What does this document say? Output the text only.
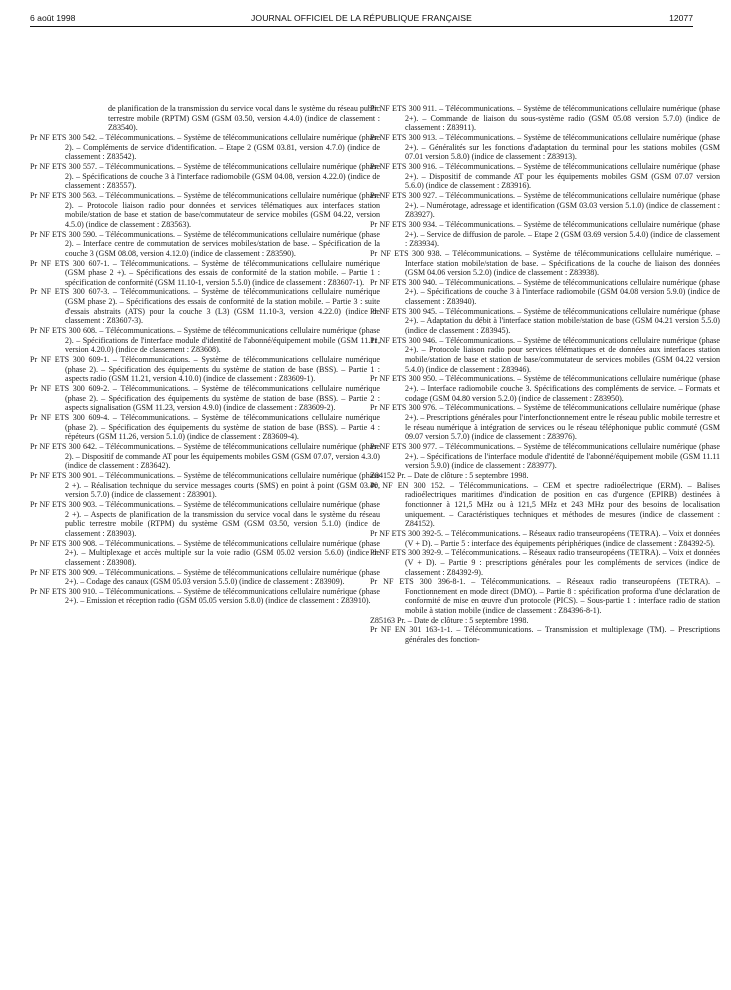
6 août 1998	JOURNAL OFFICIEL DE LA RÉPUBLIQUE FRANÇAISE	12077

de planification de la transmission du service vocal dans le système du réseau public terrestre mobile (RPTM) GSM (GSM 03.50, version 4.4.0) (indice de classement : Z83540).

Pr NF ETS 300 542. – Télécommunications. – Système de télécommunications cellulaire numérique (phase 2). – Compléments de service d'identification. – Etape 2 (GSM 03.81, version 4.7.0) (indice de classement : Z83542).

Pr NF ETS 300 557. – Télécommunications. – Système de télécommunications cellulaire numérique (phase 2). – Spécifications de couche 3 à l'interface radiomobile (GSM 04.08, version 4.22.0) (indice de classement : Z83557).

Pr NF ETS 300 563. – Télécommunications. – Système de télécommunications cellulaire numérique (phase 2). – Protocole liaison radio pour données et services télématiques aux interfaces station mobile/station de base et station de base/commutateur de service mobiles (GSM 04.22, version 4.5.0) (indice de classement : Z83563).

Pr NF ETS 300 590. – Télécommunications. – Système de télécommunications cellulaire numérique (phase 2). – Interface centre de commutation de services mobiles/station de base. – Spécification de la couche 3 (GSM 08.08, version 4.12.0) (indice de classement : Z83590).

Pr NF ETS 300 607-1. – Télécommunications. – Système de télécommunications cellulaire numérique (GSM phase 2 +). – Spécifications des essais de conformité de la station mobile. – Partie 1 : spécification de conformité (GSM 11.10-1, version 5.5.0) (indice de classement : Z83607-1).

Pr NF ETS 300 607-3. – Télécommunications. – Système de télécommunications cellulaire numérique (GSM phase 2). – Spécifications des essais de conformité de la station mobile. – Partie 3 : suite d'essais abstraits (ATS) pour la couche 3 (L3) (GSM 11.10-3, version 4.22.0) (indice de classement : Z83607-3).

Pr NF ETS 300 608. – Télécommunications. – Système de télécommunications cellulaire numérique (phase 2). – Spécifications de l'interface module d'identité de l'abonné/équipement mobile (GSM 11.11, version 4.20.0) (indice de classement : Z83608).

Pr NF ETS 300 609-1. – Télécommunications. – Système de télécommunications cellulaire numérique (phase 2). – Spécification des équipements du système de station de base (BSS). – Partie 1 : aspects radio (GSM 11.21, version 4.10.0) (indice de classement : Z83609-1).

Pr NF ETS 300 609-2. – Télécommunications. – Système de télécommunications cellulaire numérique (phase 2). – Spécification des équipements du système de station de base (BSS). – Partie 2 : aspects signalisation (GSM 11.23, version 4.9.0) (indice de classement : Z83609-2).

Pr NF ETS 300 609-4. – Télécommunications. – Système de télécommunications cellulaire numérique (phase 2). – Spécification des équipements du système de station de base (BSS). – Partie 4 : répéteurs (GSM 11.26, version 5.1.0) (indice de classement : Z83609-4).

Pr NF ETS 300 642. – Télécommunications. – Système de télécommunications cellulaire numérique (phase 2). – Dispositif de commande AT pour les équipements mobiles GSM (GSM 07.07, version 4.3.0) (indice de classement : Z83642).

Pr NF ETS 300 901. – Télécommunications. – Système de télécommunications cellulaire numérique (phase 2 +). – Réalisation technique du service messages courts (SMS) en point à point (GSM 03.40, version 5.7.0) (indice de classement : Z83901).

Pr NF ETS 300 903. – Télécommunications. – Système de télécommunications cellulaire numérique (phase 2 +). – Aspects de planification de la transmission du service vocal dans le système du réseau public terrestre mobile (RTPM) du système GSM (GSM 03.50, version 5.1.0) (indice de classement : Z83903).

Pr NF ETS 300 908. – Télécommunications. – Système de télécommunications cellulaire numérique (phase 2+). – Multiplexage et accès multiple sur la voie radio (GSM 05.02 version 5.6.0) (indice de classement : Z83908).

Pr NF ETS 300 909. – Télécommunications. – Système de télécommunications cellulaire numérique (phase 2+). – Codage des canaux (GSM 05.03 version 5.5.0) (indice de classement : Z83909).

Pr NF ETS 300 910. – Télécommunications. – Système de télécommunications cellulaire numérique (phase 2+). – Emission et réception radio (GSM 05.05 version 5.8.0) (indice de classement : Z83910).

Pr NF ETS 300 911. – Télécommunications. – Système de télécommunications cellulaire numérique (phase 2+). – Commande de liaison du sous-système radio (GSM 05.08 version 5.7.0) (indice de classement : Z83911).

Pr NF ETS 300 913. – Télécommunications. – Système de télécommunications cellulaire numérique (phase 2+). – Généralités sur les fonctions d'adaptation du terminal pour les stations mobiles (GSM 07.01 version 5.8.0) (indice de classement : Z83913).

Pr NF ETS 300 916. – Télécommunications. – Système de télécommunications cellulaire numérique (phase 2+). – Dispositif de commande AT pour les équipements mobiles GSM (GSM 07.07 version 5.6.0) (indice de classement : Z83916).

Pr NF ETS 300 927. – Télécommunications. – Système de télécommunications cellulaire numérique (phase 2+). – Numérotage, adressage et identification (GSM 03.03 version 5.1.0) (indice de classement : Z83927).

Pr NF ETS 300 934. – Télécommunications. – Système de télécommunications cellulaire numérique (phase 2+). – Service de diffusion de parole. – Etape 2 (GSM 03.69 version 5.4.0) (indice de classement : Z83934).

Pr NF ETS 300 938. – Télécommunications. – Système de télécommunications cellulaire numérique. – Interface station mobile/station de base. – Spécifications de la couche de liaison des données (GSM 04.06 version 5.2.0) (indice de classement : Z83938).

Pr NF ETS 300 940. – Télécommunications. – Système de télécommunications cellulaire numérique (phase 2+). – Spécifications de couche 3 à l'interface radiomobile (GSM 04.08 version 5.9.0) (indice de classement : Z83940).

Pr NF ETS 300 945. – Télécommunications. – Système de télécommunications cellulaire numérique (phase 2+). – Adaptation du débit à l'interface station mobile/station de base (GSM 04.21 version 5.5.0) (indice de classement : Z83945).

Pr NF ETS 300 946. – Télécommunications. – Système de télécommunications cellulaire numérique (phase 2+). – Protocole liaison radio pour services télématiques et de données aux interfaces station mobile/station de base et station de base/commutateur de services mobiles (GSM 04.22 version 5.4.0) (indice de classement : Z83946).

Pr NF ETS 300 950. – Télécommunications. – Système de télécommunications cellulaire numérique (phase 2+). – Interface radiomobile couche 3. Spécifications des compléments de service. – Formats et codage (GSM 04.80 version 5.2.0) (indice de classement : Z83950).

Pr NF ETS 300 976. – Télécommunications. – Système de télécommunications cellulaire numérique (phase 2+). – Prescriptions générales pour l'interfonctionnement entre le réseau public mobile terrestre et le réseau numérique à intégration de services ou le réseau téléphonique public commuté (GSM 09.07 version 5.7.0) (indice de classement : Z83976).

Pr NF ETS 300 977. – Télécommunications. – Système de télécommunications cellulaire numérique (phase 2+). – Spécifications de l'interface module d'identité de l'abonné/équipement mobile (GSM 11.11 version 5.9.0) (indice de classement : Z83977).

Z84152 Pr. – Date de clôture : 5 septembre 1998.

Pr NF EN 300 152. – Télécommunications. – CEM et spectre radioélectrique (ERM). – Balises radioélectriques maritimes d'indication de position en cas d'urgence (EPIRB) destinées à fonctionner à 121,5 MHz ou à 121,5 MHz et 243 MHz pour des besoins de localisation uniquement. – Caractéristiques techniques et méthodes de mesures (indice de classement : Z84152).

Pr NF ETS 300 392-5. – Télécommunications. – Réseaux radio transeuropéens (TETRA). – Voix et données (V + D). – Partie 5 : interface des équipements périphériques (indice de classement : Z84392-5).

Pr NF ETS 300 392-9. – Télécommunications. – Réseaux radio transeuropéens (TETRA). – Voix et données (V + D). – Partie 9 : prescriptions générales pour les compléments de services (indice de classement : Z84392-9).

Pr NF ETS 300 396-8-1. – Télécommunications. – Réseaux radio transeuropéens (TETRA). – Fonctionnement en mode direct (DMO). – Partie 8 : spécification proforma d'une déclaration de conformité de mise en œuvre d'un protocole (PICS). – Sous-partie 1 : interface radio de station mobile à station mobile (indice de classement : Z84396-8-1).

Z85163 Pr. – Date de clôture : 5 septembre 1998.

Pr NF EN 301 163-1-1. – Télécommunications. – Transmission et multiplexage (TM). – Prescriptions générales des fonction-
